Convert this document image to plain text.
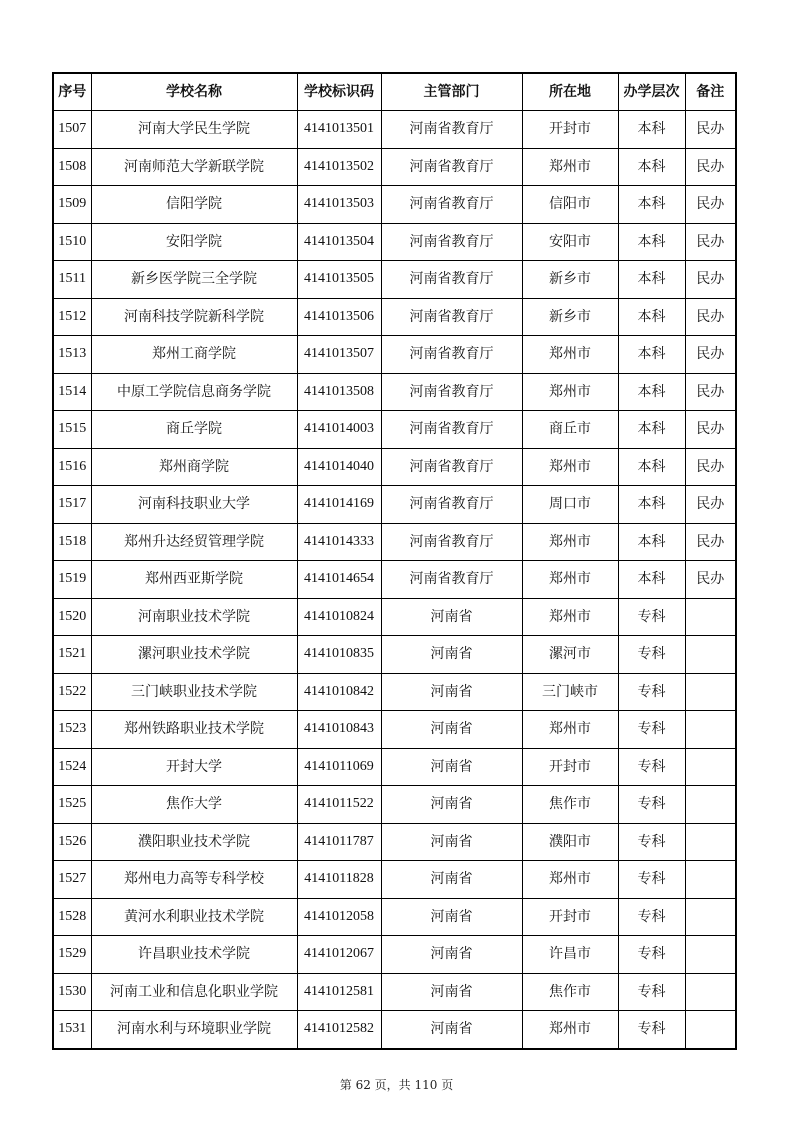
序号	学校名称	学校标识码	主管部门	所在地	办学层次	备注
1507	河南大学民生学院	4141013501	河南省教育厅	开封市	本科	民办
1508	河南师范大学新联学院	4141013502	河南省教育厅	郑州市	本科	民办
1509	信阳学院	4141013503	河南省教育厅	信阳市	本科	民办
1510	安阳学院	4141013504	河南省教育厅	安阳市	本科	民办
1511	新乡医学院三全学院	4141013505	河南省教育厅	新乡市	本科	民办
1512	河南科技学院新科学院	4141013506	河南省教育厅	新乡市	本科	民办
1513	郑州工商学院	4141013507	河南省教育厅	郑州市	本科	民办
1514	中原工学院信息商务学院	4141013508	河南省教育厅	郑州市	本科	民办
1515	商丘学院	4141014003	河南省教育厅	商丘市	本科	民办
1516	郑州商学院	4141014040	河南省教育厅	郑州市	本科	民办
1517	河南科技职业大学	4141014169	河南省教育厅	周口市	本科	民办
1518	郑州升达经贸管理学院	4141014333	河南省教育厅	郑州市	本科	民办
1519	郑州西亚斯学院	4141014654	河南省教育厅	郑州市	本科	民办
1520	河南职业技术学院	4141010824	河南省	郑州市	专科	
1521	漯河职业技术学院	4141010835	河南省	漯河市	专科	
1522	三门峡职业技术学院	4141010842	河南省	三门峡市	专科	
1523	郑州铁路职业技术学院	4141010843	河南省	郑州市	专科	
1524	开封大学	4141011069	河南省	开封市	专科	
1525	焦作大学	4141011522	河南省	焦作市	专科	
1526	濮阳职业技术学院	4141011787	河南省	濮阳市	专科	
1527	郑州电力高等专科学校	4141011828	河南省	郑州市	专科	
1528	黄河水利职业技术学院	4141012058	河南省	开封市	专科	
1529	许昌职业技术学院	4141012067	河南省	许昌市	专科	
1530	河南工业和信息化职业学院	4141012581	河南省	焦作市	专科	
1531	河南水利与环境职业学院	4141012582	河南省	郑州市	专科	
第 62 页，共 110 页
